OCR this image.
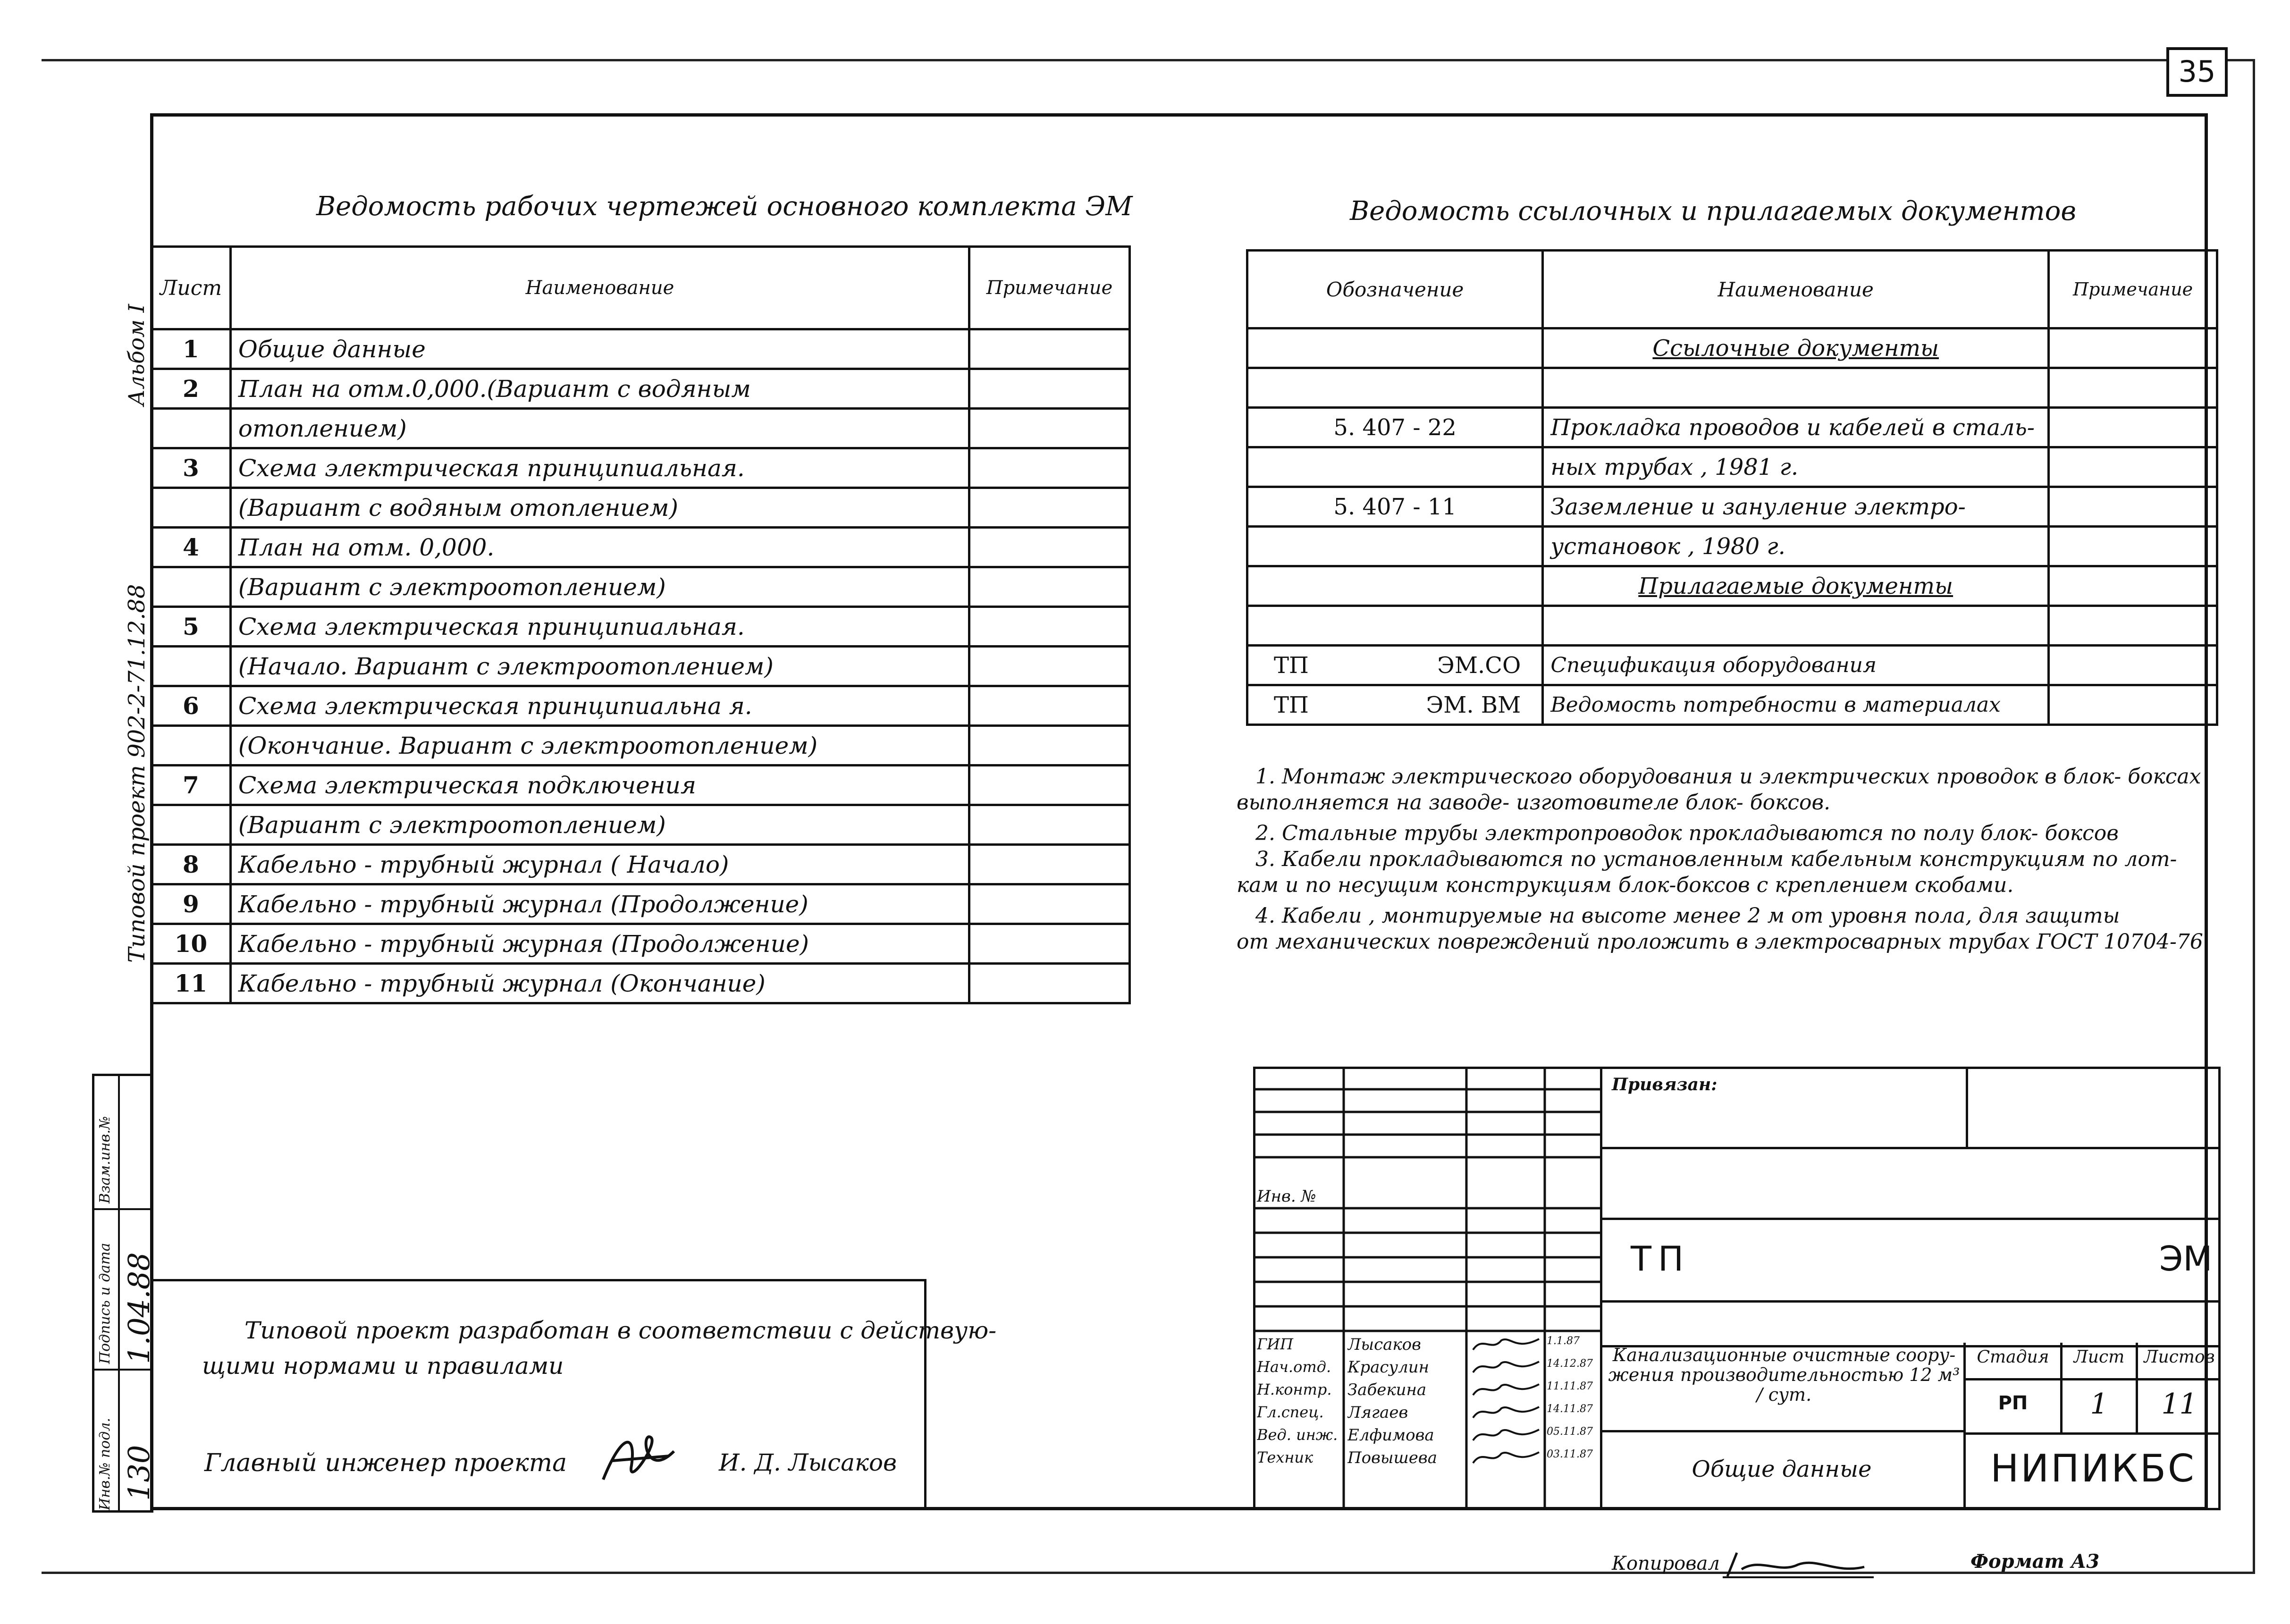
35
Ведомость рабочих чертежей основного комплекта ЭМ
Лист	Наименование	Примечание
1	Общие данные	
2	План на отм.0,000.(Вариант с водяным	
	отоплением)	
3	Схема электрическая принципиальная.	
	(Вариант с водяным отоплением)	
4	План на отм. 0,000.	
	(Вариант с электроотоплением)	
5	Схема электрическая принципиальная.	
	(Начало. Вариант с электроотоплением)	
6	Схема электрическая принципиальна я.	
	(Окончание. Вариант с электроотоплением)	
7	Схема электрическая подключения	
	(Вариант с электроотоплением)	
8	Кабельно - трубный журнал ( Начало)	
9	Кабельно - трубный журнал (Продолжение)	
10	Кабельно - трубный журная (Продолжение)	
11	Кабельно - трубный журнал (Окончание)	
Ведомость ссылочных и прилагаемых документов
Обозначение	Наименование	Примечание
	Ссылочные документы	

5. 407 - 22	Прокладка проводов и кабелей в сталь-	
	ных трубах , 1981 г.	
5. 407 - 11	Заземление и зануление электро-	
	установок , 1980 г.	
	Прилагаемые документы	

ТП ЭМ.СО	Спецификация оборудования	
ТП ЭМ. ВМ	Ведомость потребности в материалах	
1. Монтаж электрического оборудования и электрических проводок в блок- боксах
выполняется на заводе- изготовителе блок- боксов.
2. Стальные трубы электропроводок прокладываются по полу блок- боксов
3. Кабели прокладываются по установленным кабельным конструкциям по лот-
кам и по несущим конструкциям блок-боксов с креплением скобами.
4. Кабели , монтируемые на высоте менее 2 м от уровня пола, для защиты
от механических повреждений проложить в электросварных трубах ГОСТ 10704-76
Альбом I
Типовой проект 902-2-71.12.88
Взам.инв.№
Подпись и дата 1.04.88
Инв.№ подл. 130
Типовой проект разработан в соответствии с действую-
щими нормами и правилами
Главный инженер проекта	И. Д. Лысаков
Инв. №
Привязан:
ТП	ЭМ
Канализационные очистные соору- жения производительностью 12 м³ / сут.
Общие данные
Стадия	Лист	Листов
РП	1	11
НИПИКБС
ГИП	Лысаков	1.1.87
Нач.отд.	Красулин	14.12.87
Н.контр. Забекина	11.11.87
Гл.спец.	Лягаев	14.11.87
Вед. инж. Елфимова	05.11.87
Техник	Повышева	03.11.87
Копировал	Формат А3
